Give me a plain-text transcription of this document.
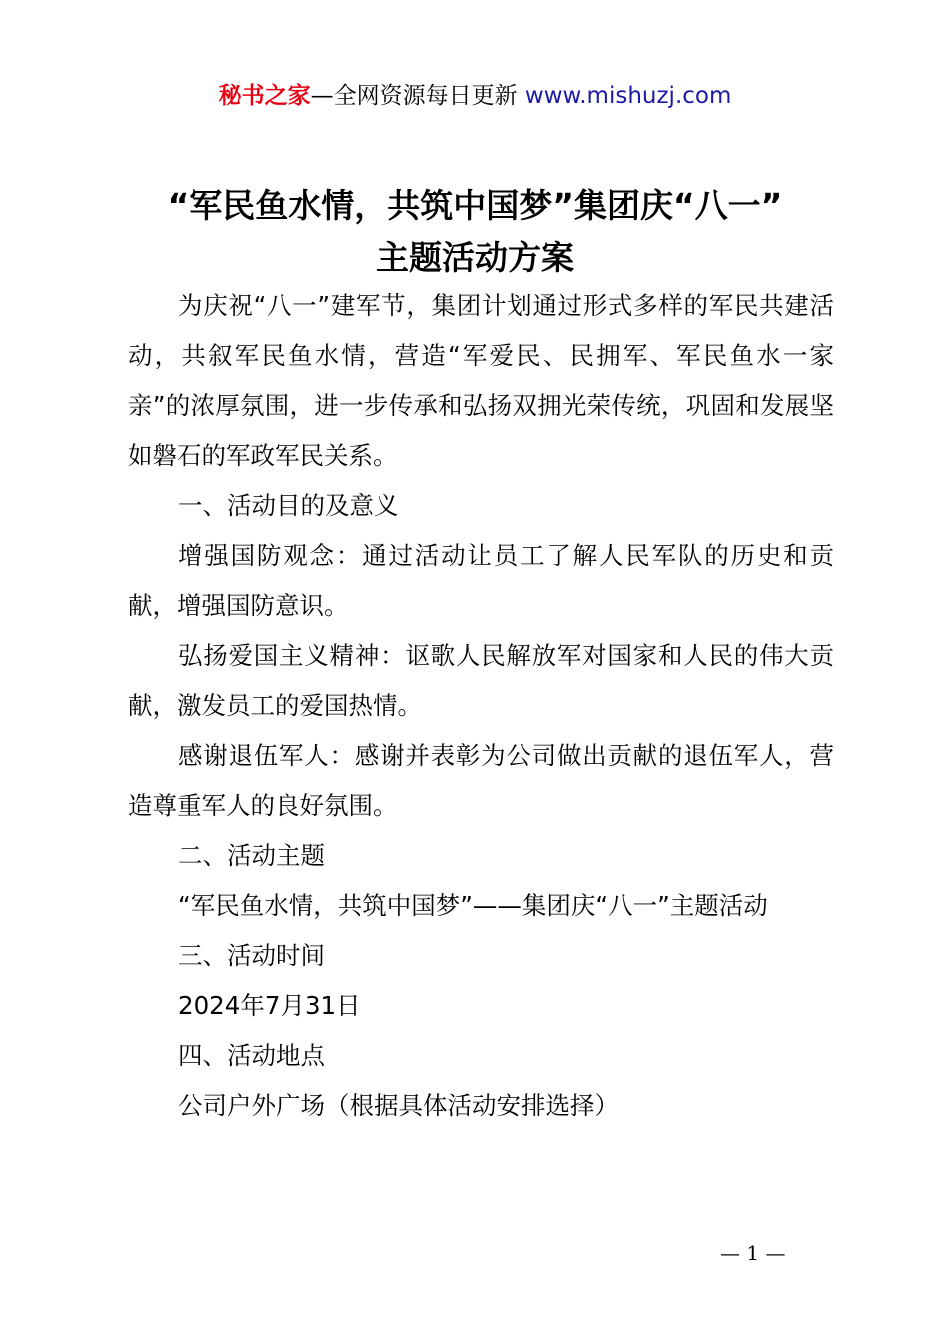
秘书之家—全网资源每日更新 www.mishuzj.com
“军民鱼水情，共筑中国梦”集团庆“八一”
主题活动方案

为庆祝“八一”建军节，集团计划通过形式多样的军民共建活动，共叙军民鱼水情，营造“军爱民、民拥军、军民鱼水一家亲”的浓厚氛围，进一步传承和弘扬双拥光荣传统，巩固和发展坚如磐石的军政军民关系。

一、活动目的及意义

增强国防观念：通过活动让员工了解人民军队的历史和贡献，增强国防意识。

弘扬爱国主义精神：讴歌人民解放军对国家和人民的伟大贡献，激发员工的爱国热情。

感谢退伍军人：感谢并表彰为公司做出贡献的退伍军人，营造尊重军人的良好氛围。

二、活动主题

“军民鱼水情，共筑中国梦”——集团庆“八一”主题活动

三、活动时间

2024年7月31日

四、活动地点

公司户外广场（根据具体活动安排选择）

— 1 —
